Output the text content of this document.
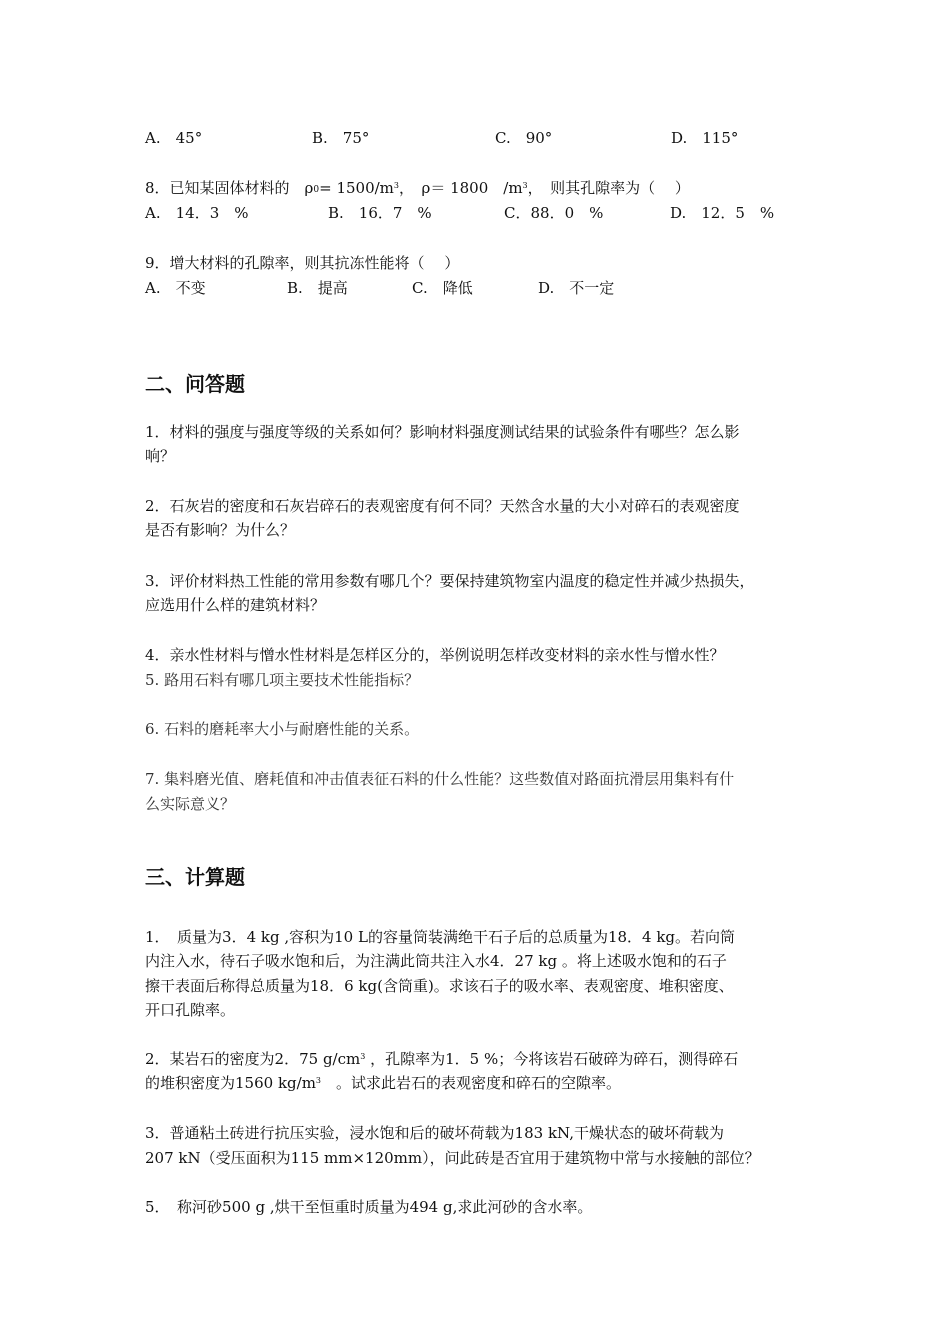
A.　45°	B.　75°	C.　90°	D.　115°
8．已知某固体材料的　$\rho_0= 1500/m^3$，　ρ＝ 1800　$/m^3$，　则其孔隙率为（　 ）
A.　14．3　%	B.　16．7　%	C．88．0　%	D.　12．5　%
9．增大材料的孔隙率，则其抗冻性能将（　 ）
A.　不变	B.　提高	C.　降低	D.　不一定
二、问答题
1．材料的强度与强度等级的关系如何？影响材料强度测试结果的试验条件有哪些？怎么影
响？
2．石灰岩的密度和石灰岩碎石的表观密度有何不同？天然含水量的大小对碎石的表观密度
是否有影响？为什么？
3．评价材料热工性能的常用参数有哪几个？要保持建筑物室内温度的稳定性并减少热损失，
应选用什么样的建筑材料？
4．亲水性材料与憎水性材料是怎样区分的，举例说明怎样改变材料的亲水性与憎水性？
5. 路用石料有哪几项主要技术性能指标？
6. 石料的磨耗率大小与耐磨性能的关系。
7. 集料磨光值、磨耗值和冲击值表征石料的什么性能？这些数值对路面抗滑层用集料有什
么实际意义？
三、计算题
1．　质量为3．4 kg ,容积为10 L的容量筒装满绝干石子后的总质量为18．4 kg。若向筒
内注入水，待石子吸水饱和后，为注满此筒共注入水4．27 kg 。将上述吸水饱和的石子
擦干表面后称得总质量为18．6 kg(含筒重)。求该石子的吸水率、表观密度、堆积密度、
开口孔隙率。
2．某岩石的密度为2．75 $g/cm^3$ ，孔隙率为1．5 %；今将该岩石破碎为碎石，测得碎石
的堆积密度为1560 $kg/m^3$　。试求此岩石的表观密度和碎石的空隙率。
3．普通粘土砖进行抗压实验，浸水饱和后的破坏荷载为183 kN,干燥状态的破坏荷载为
207 kN（受压面积为115 mm×120mm），问此砖是否宜用于建筑物中常与水接触的部位？
5．　称河砂500 g ,烘干至恒重时质量为494 g,求此河砂的含水率。
